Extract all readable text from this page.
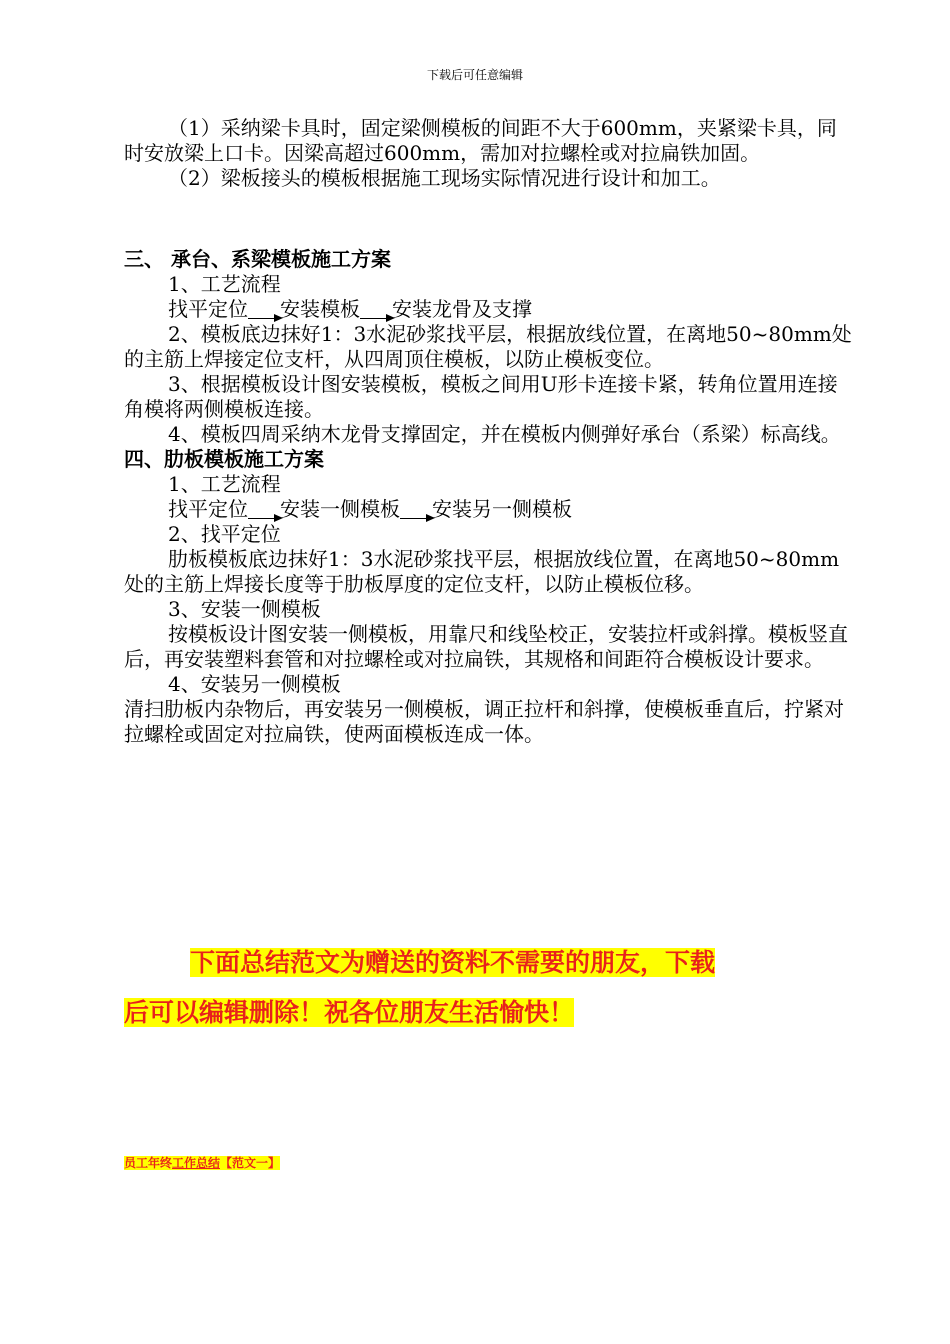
下载后可任意编辑

（1）采纳梁卡具时，固定梁侧模板的间距不大于600mm，夹紧梁卡具，同时安放梁上口卡。因梁高超过600mm，需加对拉螺栓或对拉扁铁加固。

（2）梁板接头的模板根据施工现场实际情况进行设计和加工。

三、 承台、系梁模板施工方案

1、工艺流程

找平定位 安装模板 安装龙骨及支撑

2、模板底边抹好1：3水泥砂浆找平层，根据放线位置，在离地50~80mm处的主筋上焊接定位支杆，从四周顶住模板，以防止模板变位。

3、根据模板设计图安装模板，模板之间用U形卡连接卡紧，转角位置用连接角模将两侧模板连接。

4、模板四周采纳木龙骨支撑固定，并在模板内侧弹好承台（系梁）标高线。

四、肋板模板施工方案

1、工艺流程

找平定位 安装一侧模板 安装另一侧模板

2、找平定位

肋板模板底边抹好1：3水泥砂浆找平层，根据放线位置，在离地50~80mm处的主筋上焊接长度等于肋板厚度的定位支杆，以防止模板位移。

3、安装一侧模板

按模板设计图安装一侧模板，用靠尺和线坠校正，安装拉杆或斜撑。模板竖直后，再安装塑料套管和对拉螺栓或对拉扁铁，其规格和间距符合模板设计要求。

4、安装另一侧模板

清扫肋板内杂物后，再安装另一侧模板，调正拉杆和斜撑，使模板垂直后，拧紧对拉螺栓或固定对拉扁铁，使两面模板连成一体。

下面总结范文为赠送的资料不需要的朋友，下载

后可以编辑删除！祝各位朋友生活愉快！

员工年终工作总结【范文一】
